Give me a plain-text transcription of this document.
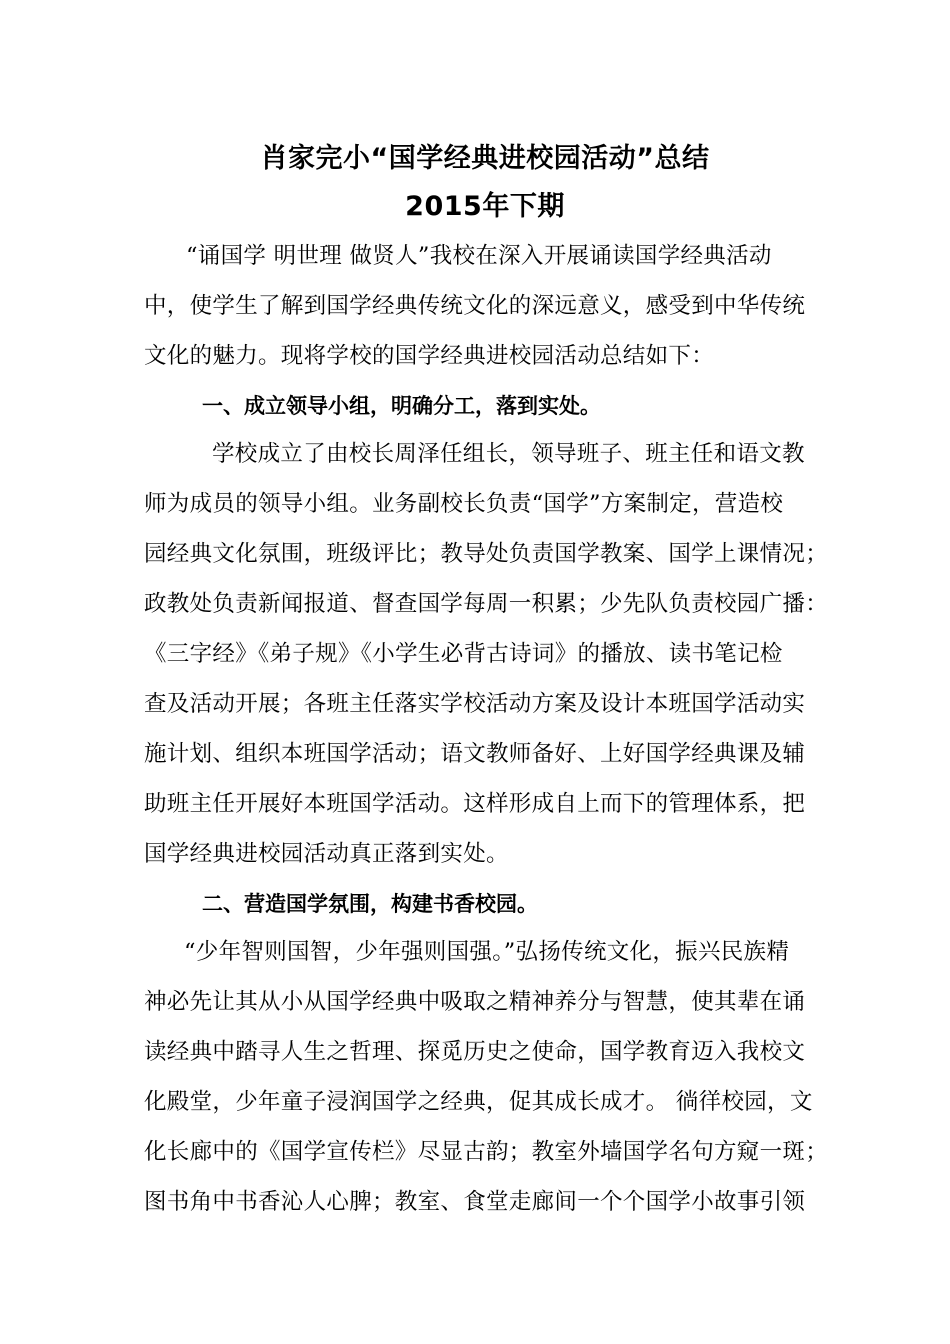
肖家完小“国学经典进校园活动”总结
2015年下期
“诵国学 明世理 做贤人”我校在深入开展诵读国学经典活动
中，使学生了解到国学经典传统文化的深远意义，感受到中华传统
文化的魅力。现将学校的国学经典进校园活动总结如下：
一、成立领导小组，明确分工，落到实处。
学校成立了由校长周泽任组长，领导班子、班主任和语文教
师为成员的领导小组。业务副校长负责“国学”方案制定，营造校
园经典文化氛围，班级评比；教导处负责国学教案、国学上课情况；
政教处负责新闻报道、督查国学每周一积累；少先队负责校园广播：
《三字经》《弟子规》《小学生必背古诗词》的播放、读书笔记检
查及活动开展；各班主任落实学校活动方案及设计本班国学活动实
施计划、组织本班国学活动；语文教师备好、上好国学经典课及辅
助班主任开展好本班国学活动。这样形成自上而下的管理体系，把
国学经典进校园活动真正落到实处。
二、营造国学氛围，构建书香校园。
“少年智则国智，少年强则国强。”弘扬传统文化，振兴民族精
神必先让其从小从国学经典中吸取之精神养分与智慧，使其辈在诵
读经典中踏寻人生之哲理、探觅历史之使命，国学教育迈入我校文
化殿堂，少年童子浸润国学之经典，促其成长成才。 徜徉校园，文
化长廊中的《国学宣传栏》尽显古韵；教室外墙国学名句方窥一斑；
图书角中书香沁人心脾；教室、食堂走廊间一个个国学小故事引领
